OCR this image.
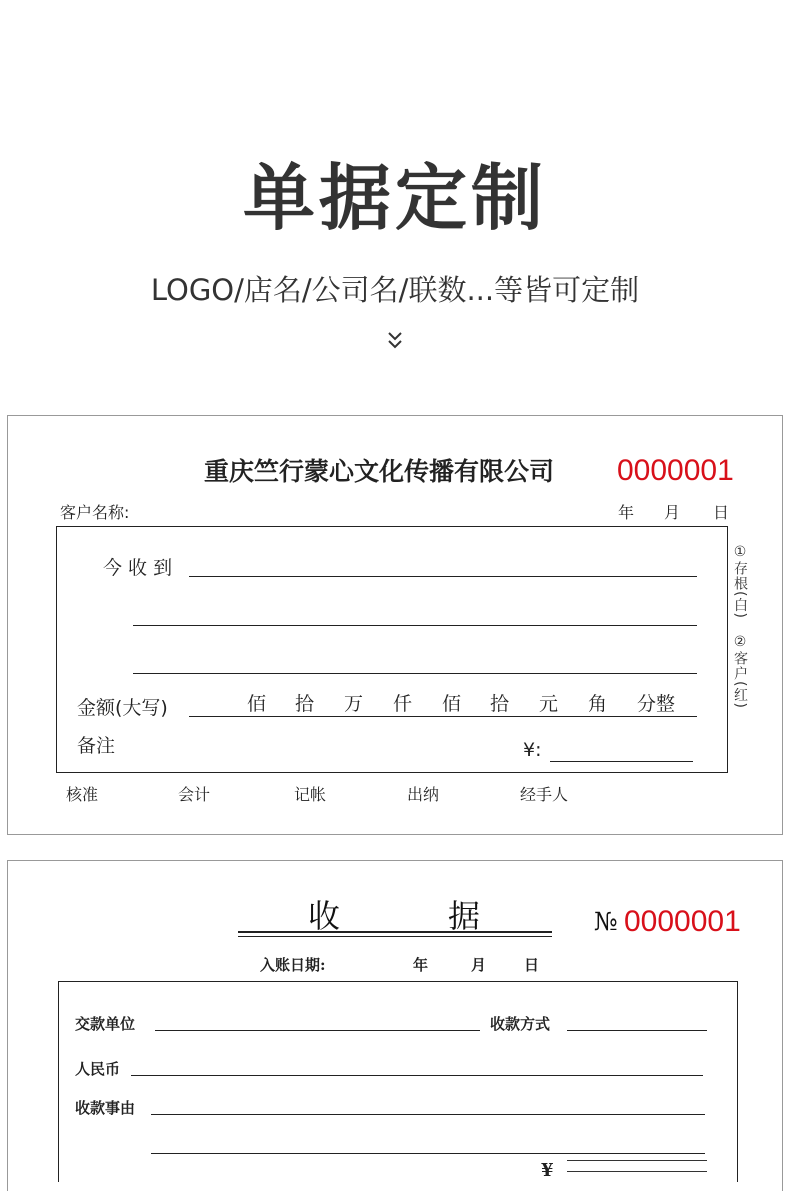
单据定制
LOGO/店名/公司名/联数...等皆可定制
重庆竺行蒙心文化传播有限公司 0000001
客户名称:	年 月 日
今 收 到
金额(大写)	佰 拾 万 仟 佰 拾 元 角 分整
备注	¥:
①存根(白)
②客户(红)
核准	会计	记帐	出纳	经手人
收	据	№ 0000001
入账日期:	年	月	日
交款单位	收款方式
人民币
收款事由
¥
